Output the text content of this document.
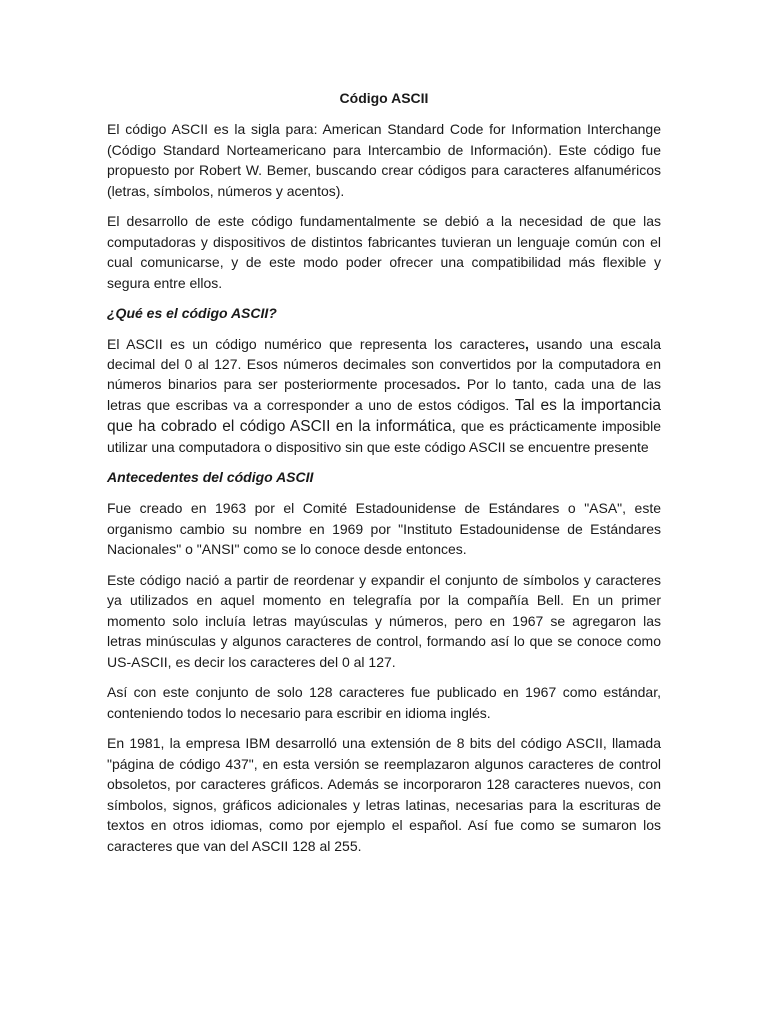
Código ASCII

El código ASCII es la sigla para: American Standard Code for Information Interchange (Código Standard Norteamericano para Intercambio de Información). Este código fue propuesto por Robert W. Bemer, buscando crear códigos para caracteres alfanuméricos (letras, símbolos, números y acentos).

El desarrollo de este código fundamentalmente se debió a la necesidad de que las computadoras y dispositivos de distintos fabricantes tuvieran un lenguaje común con el cual comunicarse, y de este modo poder ofrecer una compatibilidad más flexible y segura entre ellos.

¿Qué es el código ASCII?

El ASCII es un código numérico que representa los caracteres, usando una escala decimal del 0 al 127. Esos números decimales son convertidos por la computadora en números binarios para ser posteriormente procesados. Por lo tanto, cada una de las letras que escribas va a corresponder a uno de estos códigos. Tal es la importancia que ha cobrado el código ASCII en la informática, que es prácticamente imposible utilizar una computadora o dispositivo sin que este código ASCII se encuentre presente

Antecedentes del código ASCII

Fue creado en 1963 por el Comité Estadounidense de Estándares o "ASA", este organismo cambio su nombre en 1969 por "Instituto Estadounidense de Estándares Nacionales" o "ANSI" como se lo conoce desde entonces.

Este código nació a partir de reordenar y expandir el conjunto de símbolos y caracteres ya utilizados en aquel momento en telegrafía por la compañía Bell. En un primer momento solo incluía letras mayúsculas y números, pero en 1967 se agregaron las letras minúsculas y algunos caracteres de control, formando así lo que se conoce como US-ASCII, es decir los caracteres del 0 al 127.

Así con este conjunto de solo 128 caracteres fue publicado en 1967 como estándar, conteniendo todos lo necesario para escribir en idioma inglés.

En 1981, la empresa IBM desarrolló una extensión de 8 bits del código ASCII, llamada "página de código 437", en esta versión se reemplazaron algunos caracteres de control obsoletos, por caracteres gráficos. Además se incorporaron 128 caracteres nuevos, con símbolos, signos, gráficos adicionales y letras latinas, necesarias para la escrituras de textos en otros idiomas, como por ejemplo el español. Así fue como se sumaron los caracteres que van del ASCII 128 al 255.
